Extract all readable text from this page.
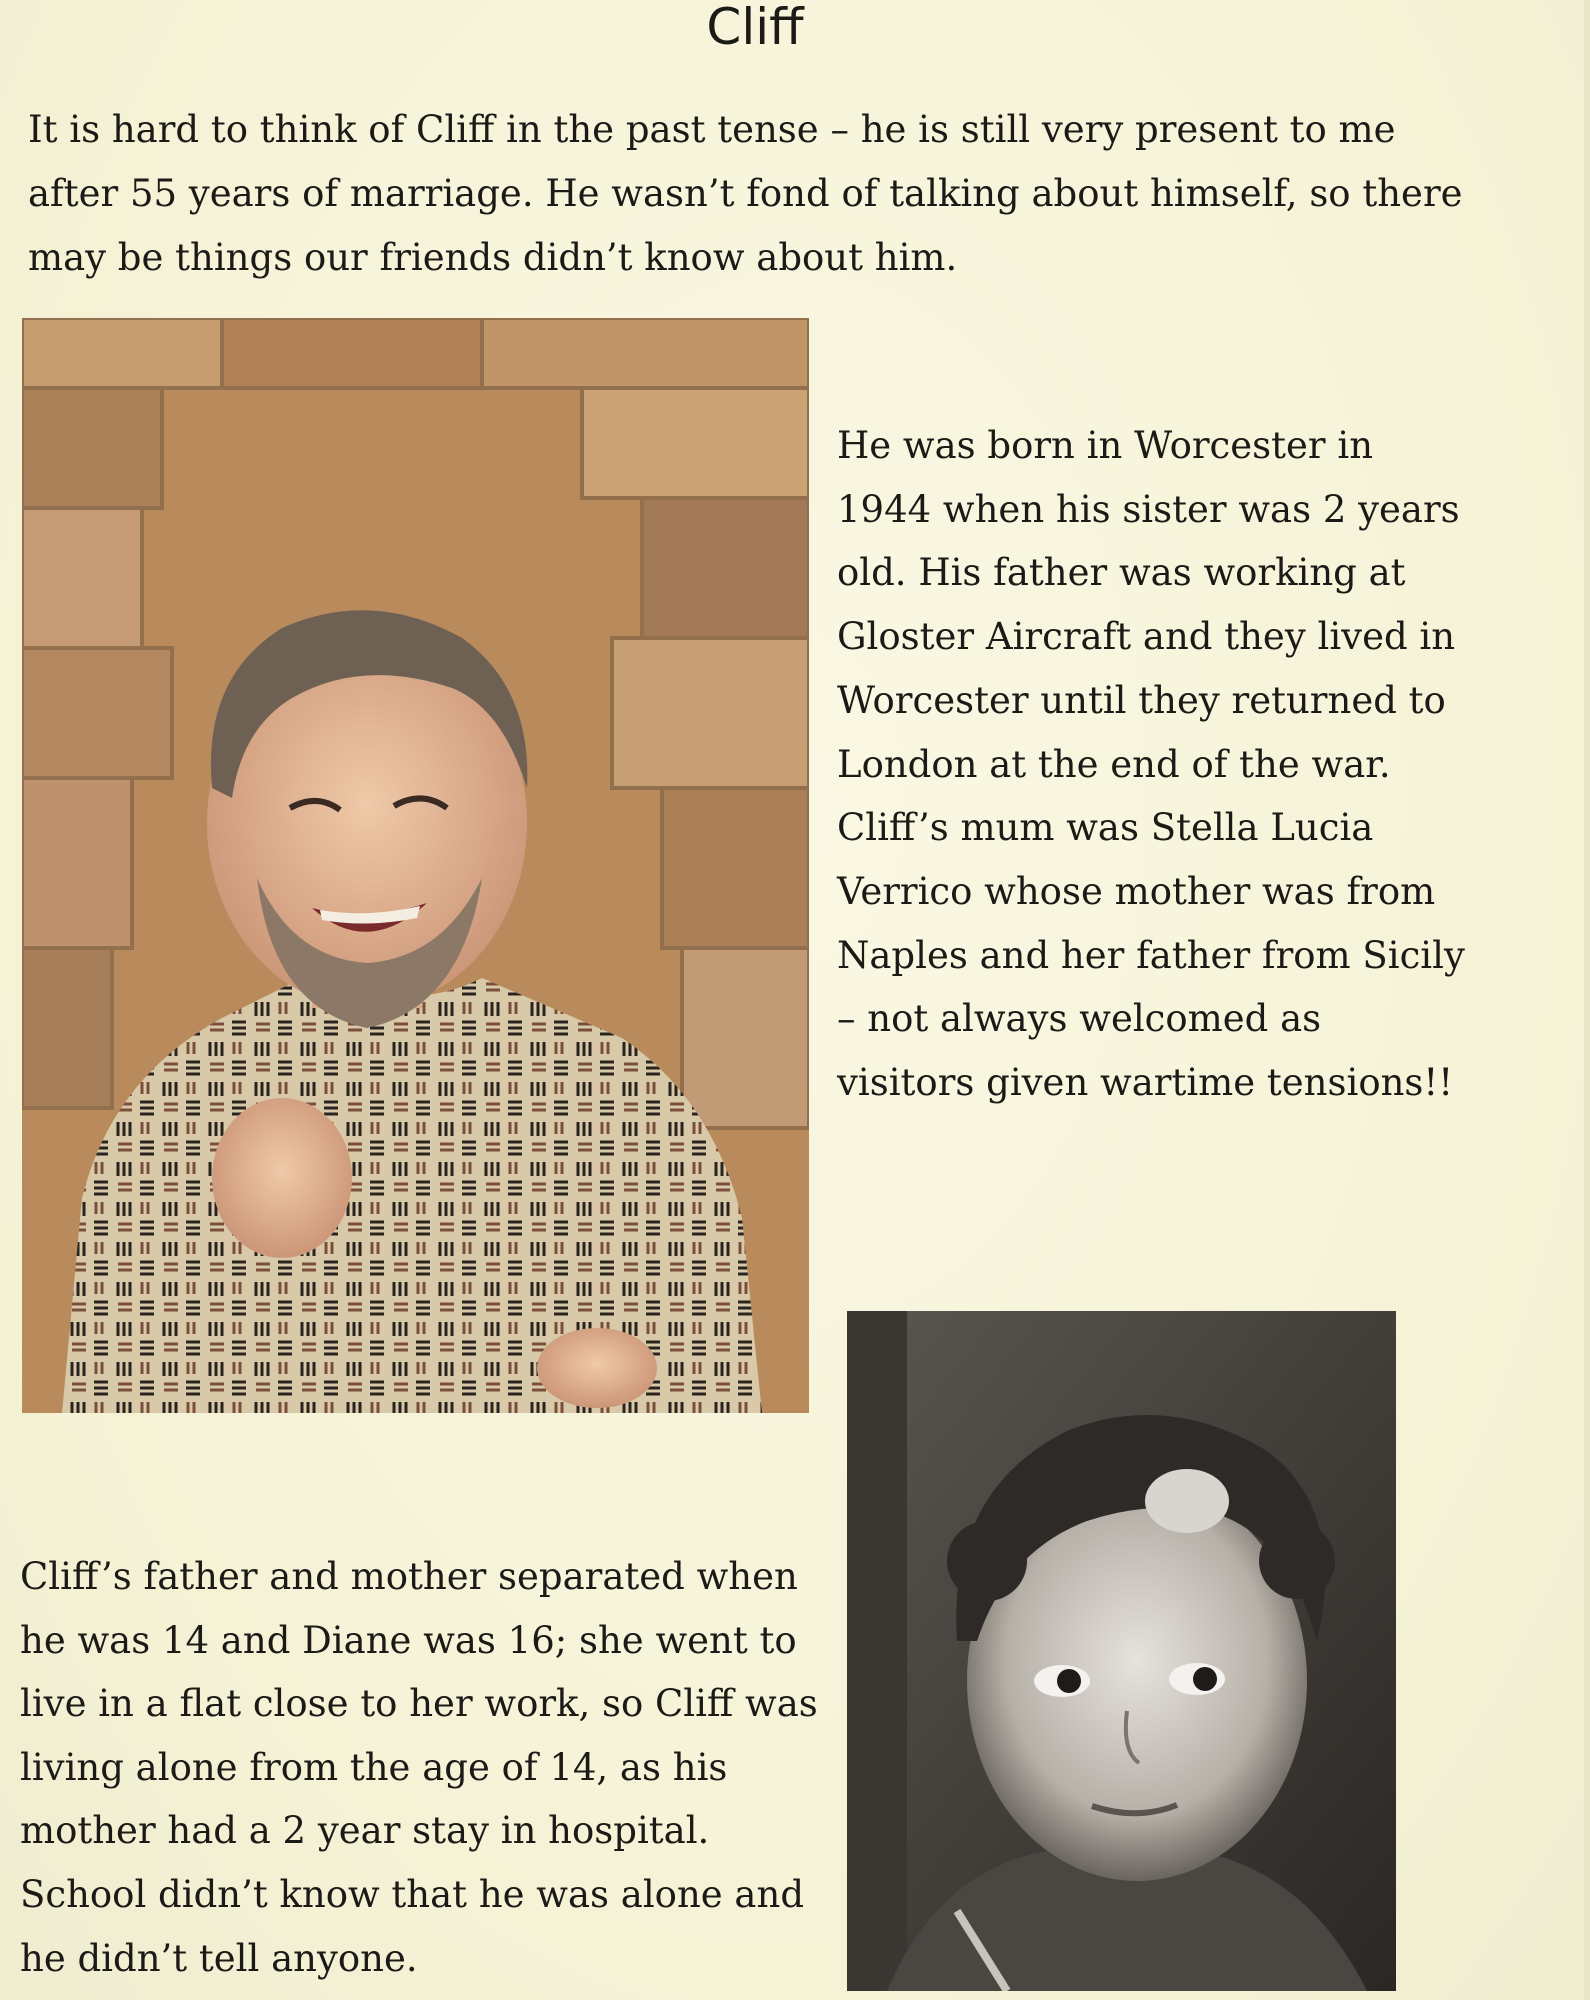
Cliff

It is hard to think of Cliff in the past tense – he is still very present to me after 55 years of marriage. He wasn’t fond of talking about himself, so there may be things our friends didn’t know about him.

He was born in Worcester in 1944 when his sister was 2 years old. His father was working at Gloster Aircraft and they lived in Worcester until they returned to London at the end of the war. Cliff’s mum was Stella Lucia Verrico whose mother was from Naples and her father from Sicily – not always welcomed as visitors given wartime tensions!!

Cliff’s father and mother separated when he was 14 and Diane was 16; she went to live in a flat close to her work, so Cliff was living alone from the age of 14, as his mother had a 2 year stay in hospital. School didn’t know that he was alone and he didn’t tell anyone.
